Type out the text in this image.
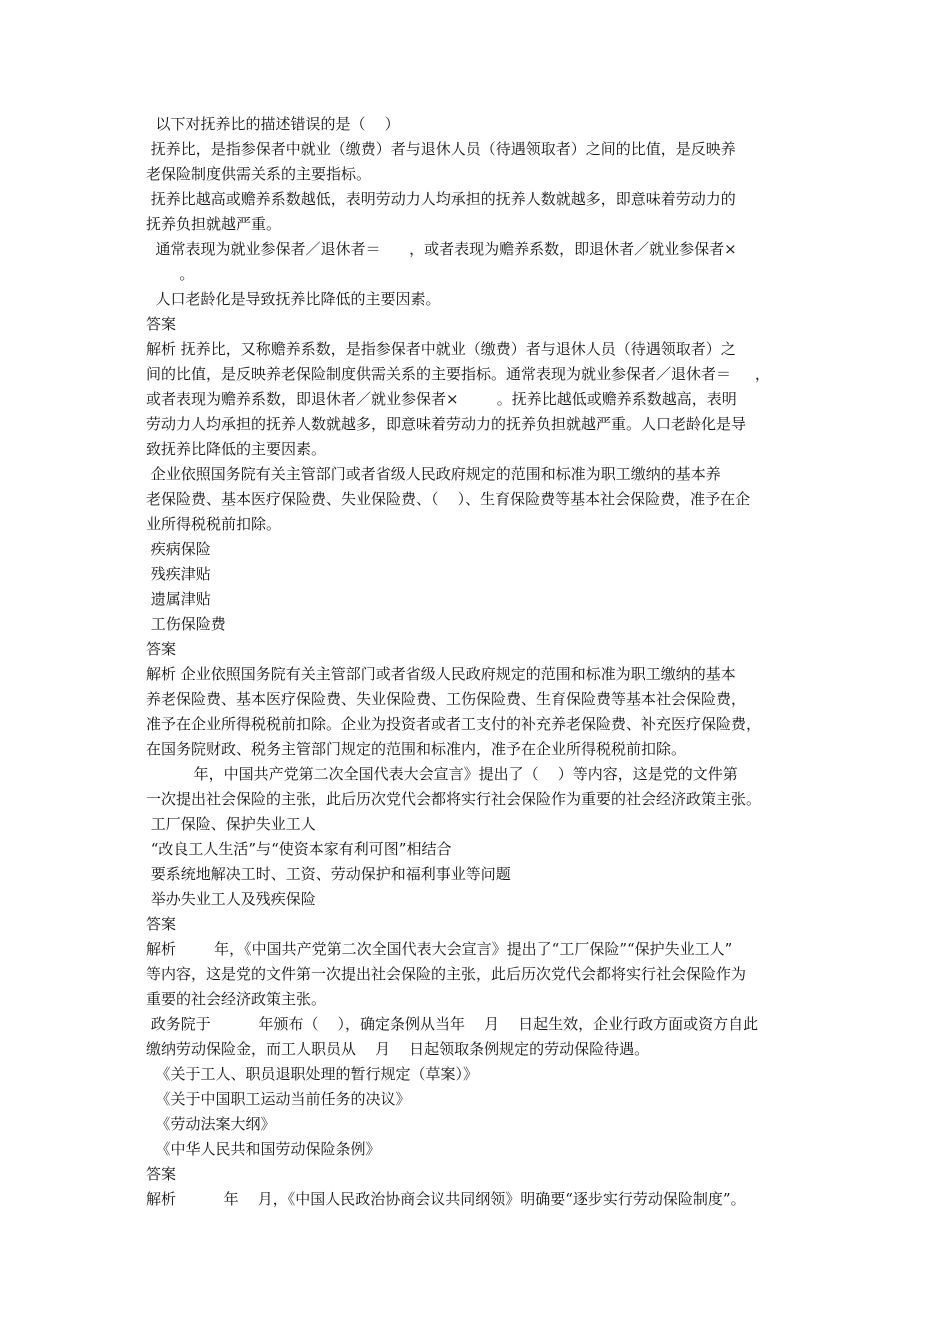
以下对抚养比的描述错误的是（    ）
抚养比，是指参保者中就业（缴费）者与退休人员（待遇领取者）之间的比值，是反映养
老保险制度供需关系的主要指标。
抚养比越高或赡养系数越低，表明劳动力人均承担的抚养人数就越多，即意味着劳动力的
抚养负担就越严重。
通常表现为就业参保者／退休者＝      ，或者表现为赡养系数，即退休者／就业参保者×
。
人口老龄化是导致抚养比降低的主要因素。
答案
解析 抚养比，又称赡养系数，是指参保者中就业（缴费）者与退休人员（待遇领取者）之
间的比值，是反映养老保险制度供需关系的主要指标。通常表现为就业参保者／退休者＝     ，
或者表现为赡养系数，即退休者／就业参保者×        。抚养比越低或赡养系数越高，表明
劳动力人均承担的抚养人数就越多，即意味着劳动力的抚养负担就越严重。人口老龄化是导
致抚养比降低的主要因素。
企业依照国务院有关主管部门或者省级人民政府规定的范围和标准为职工缴纳的基本养
老保险费、基本医疗保险费、失业保险费、（    ）、生育保险费等基本社会保险费，准予在企
业所得税税前扣除。
疾病保险
残疾津贴
遗属津贴
工伤保险费
答案
解析 企业依照国务院有关主管部门或者省级人民政府规定的范围和标准为职工缴纳的基本
养老保险费、基本医疗保险费、失业保险费、工伤保险费、生育保险费等基本社会保险费，
准予在企业所得税税前扣除。企业为投资者或者工支付的补充养老保险费、补充医疗保险费，
在国务院财政、税务主管部门规定的范围和标准内，准予在企业所得税税前扣除。
年，中国共产党第二次全国代表大会宣言》提出了（    ）等内容，这是党的文件第
一次提出社会保险的主张，此后历次党代会都将实行社会保险作为重要的社会经济政策主张。
工厂保险、保护失业工人
“改良工人生活”与“使资本家有利可图”相结合
要系统地解决工时、工资、劳动保护和福利事业等问题
举办失业工人及残疾保险
答案
解析        年，《中国共产党第二次全国代表大会宣言》提出了“工厂保险”“保护失业工人”
等内容，这是党的文件第一次提出社会保险的主张，此后历次党代会都将实行社会保险作为
重要的社会经济政策主张。
政务院于          年颁布（    ），确定条例从当年    月    日起生效，企业行政方面或资方自此
缴纳劳动保险金，而工人职员从    月    日起领取条例规定的劳动保险待遇。
《关于工人、职员退职处理的暂行规定（草案）》
《关于中国职工运动当前任务的决议》
《劳动法案大纲》
《中华人民共和国劳动保险条例》
答案
解析          年    月，《中国人民政治协商会议共同纲领》明确要“逐步实行劳动保险制度”。
